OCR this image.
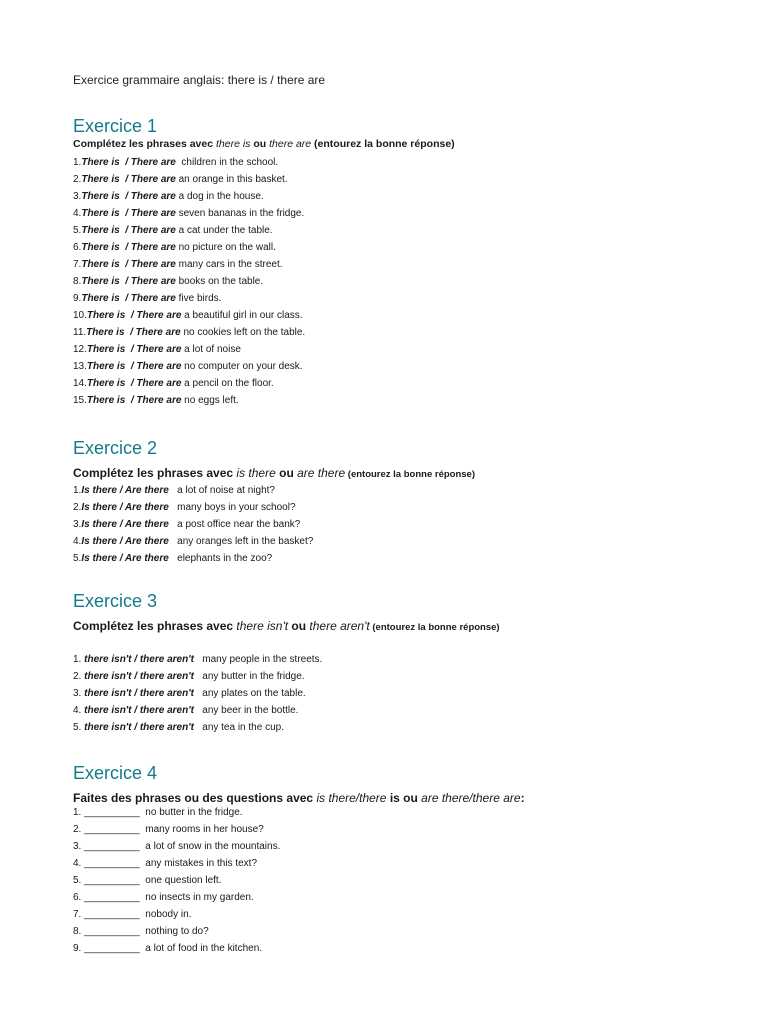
Exercice grammaire anglais: there is / there are
Exercice 1

Complétez les phrases avec there is ou there are (entourez la bonne réponse)

1.There is  / There are  children in the school.
2.There is  / There are an orange in this basket.
3.There is  / There are a dog in the house.
4.There is  / There are seven bananas in the fridge.
5.There is  / There are a cat under the table.
6.There is  / There are no picture on the wall.
7.There is  / There are many cars in the street.
8.There is  / There are books on the table.
9.There is  / There are five birds.
10.There is  / There are a beautiful girl in our class.
11.There is  / There are no cookies left on the table.
12.There is  / There are a lot of noise
13.There is  / There are no computer on your desk.
14.There is  / There are a pencil on the floor.
15.There is  / There are no eggs left.
Exercice 2

Complétez les phrases avec is there ou are there (entourez la bonne réponse)

1.Is there / Are there   a lot of noise at night?
2.Is there / Are there   many boys in your school?
3.Is there / Are there   a post office near the bank?
4.Is there / Are there   any oranges left in the basket?
5.Is there / Are there   elephants in the zoo?
Exercice 3

Complétez les phrases avec there isn't ou there aren't (entourez la bonne réponse)

1. there isn't / there aren't   many people in the streets.
2. there isn't / there aren't   any butter in the fridge.
3. there isn't / there aren't   any plates on the table.
4. there isn't / there aren't   any beer in the bottle.
5. there isn't / there aren't   any tea in the cup.
Exercice 4

Faites des phrases ou des questions avec is there/there is ou are there/there are:

1. __________  no butter in the fridge.
2. __________  many rooms in her house?
3. __________  a lot of snow in the mountains.
4. __________  any mistakes in this text?
5. __________  one question left.
6. __________  no insects in my garden.
7. __________  nobody in.
8. __________  nothing to do?
9. __________  a lot of food in the kitchen.
